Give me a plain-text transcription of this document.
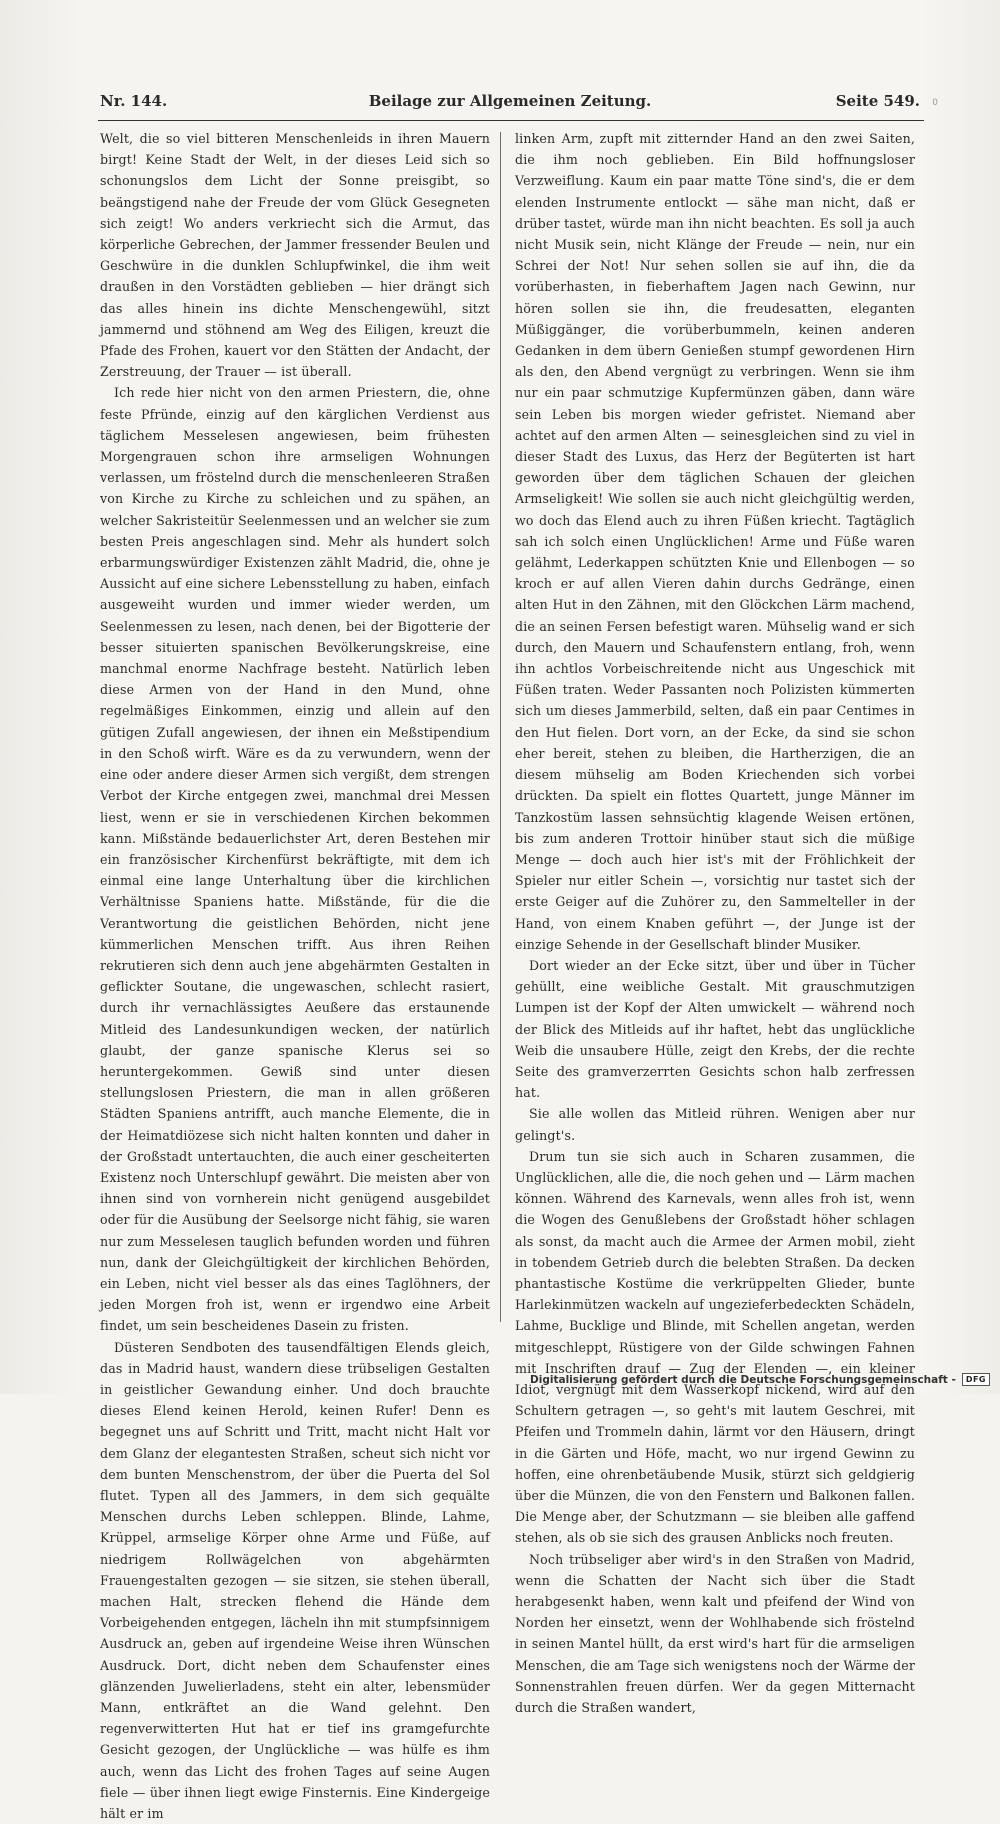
Nr. 144.	Beilage zur Allgemeinen Zeitung.	Seite 549. 0

Welt, die so viel bitteren Menschenleids in ihren Mauern birgt! Keine Stadt der Welt, in der dieses Leid sich so schonungslos dem Licht der Sonne preisgibt, so beängstigend nahe der Freude der vom Glück Gesegneten sich zeigt! Wo anders verkriecht sich die Armut, das körperliche Gebrechen, der Jammer fressender Beulen und Geschwüre in die dunklen Schlupfwinkel, die ihm weit draußen in den Vorstädten geblieben — hier drängt sich das alles hinein ins dichte Menschengewühl, sitzt jammernd und stöhnend am Weg des Eiligen, kreuzt die Pfade des Frohen, kauert vor den Stätten der Andacht, der Zerstreuung, der Trauer — ist überall.

Ich rede hier nicht von den armen Priestern, die, ohne feste Pfründe, einzig auf den kärglichen Verdienst aus täglichem Messelesen angewiesen, beim frühesten Morgengrauen schon ihre armseligen Wohnungen verlassen, um fröstelnd durch die menschenleeren Straßen von Kirche zu Kirche zu schleichen und zu spähen, an welcher Sakristeitür Seelenmessen und an welcher sie zum besten Preis angeschlagen sind. Mehr als hundert solch erbarmungswürdiger Existenzen zählt Madrid, die, ohne je Aussicht auf eine sichere Lebensstellung zu haben, einfach ausgeweiht wurden und immer wieder werden, um Seelenmessen zu lesen, nach denen, bei der Bigotterie der besser situierten spanischen Bevölkerungskreise, eine manchmal enorme Nachfrage besteht. Natürlich leben diese Armen von der Hand in den Mund, ohne regelmäßiges Einkommen, einzig und allein auf den gütigen Zufall angewiesen, der ihnen ein Meßstipendium in den Schoß wirft. Wäre es da zu verwundern, wenn der eine oder andere dieser Armen sich vergißt, dem strengen Verbot der Kirche entgegen zwei, manchmal drei Messen liest, wenn er sie in verschiedenen Kirchen bekommen kann. Mißstände bedauerlichster Art, deren Bestehen mir ein französischer Kirchenfürst bekräftigte, mit dem ich einmal eine lange Unterhaltung über die kirchlichen Verhältnisse Spaniens hatte. Mißstände, für die die Verantwortung die geistlichen Behörden, nicht jene kümmerlichen Menschen trifft. Aus ihren Reihen rekrutieren sich denn auch jene abgehärmten Gestalten in geflickter Soutane, die ungewaschen, schlecht rasiert, durch ihr vernachlässigtes Aeußere das erstaunende Mitleid des Landesunkundigen wecken, der natürlich glaubt, der ganze spanische Klerus sei so heruntergekommen. Gewiß sind unter diesen stellungslosen Priestern, die man in allen größeren Städten Spaniens antrifft, auch manche Elemente, die in der Heimatdiözese sich nicht halten konnten und daher in der Großstadt untertauchten, die auch einer gescheiterten Existenz noch Unterschlupf gewährt. Die meisten aber von ihnen sind von vornherein nicht genügend ausgebildet oder für die Ausübung der Seelsorge nicht fähig, sie waren nur zum Messelesen tauglich befunden worden und führen nun, dank der Gleichgültigkeit der kirchlichen Behörden, ein Leben, nicht viel besser als das eines Taglöhners, der jeden Morgen froh ist, wenn er irgendwo eine Arbeit findet, um sein bescheidenes Dasein zu fristen.

Düsteren Sendboten des tausendfältigen Elends gleich, das in Madrid haust, wandern diese trübseligen Gestalten in geistlicher Gewandung einher. Und doch brauchte dieses Elend keinen Herold, keinen Rufer! Denn es begegnet uns auf Schritt und Tritt, macht nicht Halt vor dem Glanz der elegantesten Straßen, scheut sich nicht vor dem bunten Menschenstrom, der über die Puerta del Sol flutet. Typen all des Jammers, in dem sich gequälte Menschen durchs Leben schleppen. Blinde, Lahme, Krüppel, armselige Körper ohne Arme und Füße, auf niedrigem Rollwägelchen von abgehärmten Frauengestalten gezogen — sie sitzen, sie stehen überall, machen Halt, strecken flehend die Hände dem Vorbeigehenden entgegen, lächeln ihn mit stumpfsinnigem Ausdruck an, geben auf irgendeine Weise ihren Wünschen Ausdruck. Dort, dicht neben dem Schaufenster eines glänzenden Juwelierladens, steht ein alter, lebensmüder Mann, entkräftet an die Wand gelehnt. Den regenverwitterten Hut hat er tief ins gramgefurchte Gesicht gezogen, der Unglückliche — was hülfe es ihm auch, wenn das Licht des frohen Tages auf seine Augen fiele — über ihnen liegt ewige Finsternis. Eine Kindergeige hält er im

linken Arm, zupft mit zitternder Hand an den zwei Saiten, die ihm noch geblieben. Ein Bild hoffnungsloser Verzweiflung. Kaum ein paar matte Töne sind's, die er dem elenden Instrumente entlockt — sähe man nicht, daß er drüber tastet, würde man ihn nicht beachten. Es soll ja auch nicht Musik sein, nicht Klänge der Freude — nein, nur ein Schrei der Not! Nur sehen sollen sie auf ihn, die da vorüberhasten, in fieberhaftem Jagen nach Gewinn, nur hören sollen sie ihn, die freudesatten, eleganten Müßiggänger, die vorüberbummeln, keinen anderen Gedanken in dem übern Genießen stumpf gewordenen Hirn als den, den Abend vergnügt zu verbringen. Wenn sie ihm nur ein paar schmutzige Kupfermünzen gäben, dann wäre sein Leben bis morgen wieder gefristet. Niemand aber achtet auf den armen Alten — seinesgleichen sind zu viel in dieser Stadt des Luxus, das Herz der Begüterten ist hart geworden über dem täglichen Schauen der gleichen Armseligkeit! Wie sollen sie auch nicht gleichgültig werden, wo doch das Elend auch zu ihren Füßen kriecht. Tagtäglich sah ich solch einen Unglücklichen! Arme und Füße waren gelähmt, Lederkappen schützten Knie und Ellenbogen — so kroch er auf allen Vieren dahin durchs Gedränge, einen alten Hut in den Zähnen, mit den Glöckchen Lärm machend, die an seinen Fersen befestigt waren. Mühselig wand er sich durch, den Mauern und Schaufenstern entlang, froh, wenn ihn achtlos Vorbeischreitende nicht aus Ungeschick mit Füßen traten. Weder Passanten noch Polizisten kümmerten sich um dieses Jammerbild, selten, daß ein paar Centimes in den Hut fielen. Dort vorn, an der Ecke, da sind sie schon eher bereit, stehen zu bleiben, die Hartherzigen, die an diesem mühselig am Boden Kriechenden sich vorbei drückten. Da spielt ein flottes Quartett, junge Männer im Tanzkostüm lassen sehnsüchtig klagende Weisen ertönen, bis zum anderen Trottoir hinüber staut sich die müßige Menge — doch auch hier ist's mit der Fröhlichkeit der Spieler nur eitler Schein —, vorsichtig nur tastet sich der erste Geiger auf die Zuhörer zu, den Sammelteller in der Hand, von einem Knaben geführt —, der Junge ist der einzige Sehende in der Gesellschaft blinder Musiker.

Dort wieder an der Ecke sitzt, über und über in Tücher gehüllt, eine weibliche Gestalt. Mit grauschmutzigen Lumpen ist der Kopf der Alten umwickelt — während noch der Blick des Mitleids auf ihr haftet, hebt das unglückliche Weib die unsaubere Hülle, zeigt den Krebs, der die rechte Seite des gramverzerrten Gesichts schon halb zerfressen hat.

Sie alle wollen das Mitleid rühren. Wenigen aber nur gelingt's.

Drum tun sie sich auch in Scharen zusammen, die Unglücklichen, alle die, die noch gehen und — Lärm machen können. Während des Karnevals, wenn alles froh ist, wenn die Wogen des Genußlebens der Großstadt höher schlagen als sonst, da macht auch die Armee der Armen mobil, zieht in tobendem Getrieb durch die belebten Straßen. Da decken phantastische Kostüme die verkrüppelten Glieder, bunte Harlekinmützen wackeln auf ungezieferbedeckten Schädeln, Lahme, Bucklige und Blinde, mit Schellen angetan, werden mitgeschleppt, Rüstigere von der Gilde schwingen Fahnen mit Inschriften drauf — Zug der Elenden —, ein kleiner Idiot, vergnügt mit dem Wasserkopf nickend, wird auf den Schultern getragen —, so geht's mit lautem Geschrei, mit Pfeifen und Trommeln dahin, lärmt vor den Häusern, dringt in die Gärten und Höfe, macht, wo nur irgend Gewinn zu hoffen, eine ohrenbetäubende Musik, stürzt sich geldgierig über die Münzen, die von den Fenstern und Balkonen fallen. Die Menge aber, der Schutzmann — sie bleiben alle gaffend stehen, als ob sie sich des grausen Anblicks noch freuten.

Noch trübseliger aber wird's in den Straßen von Madrid, wenn die Schatten der Nacht sich über die Stadt herabgesenkt haben, wenn kalt und pfeifend der Wind von Norden her einsetzt, wenn der Wohlhabende sich fröstelnd in seinen Mantel hüllt, da erst wird's hart für die armseligen Menschen, die am Tage sich wenigstens noch der Wärme der Sonnenstrahlen freuen dürfen. Wer da gegen Mitternacht durch die Straßen wandert,

Digitalisierung gefördert durch die Deutsche Forschungsgemeinschaft -	DFG
